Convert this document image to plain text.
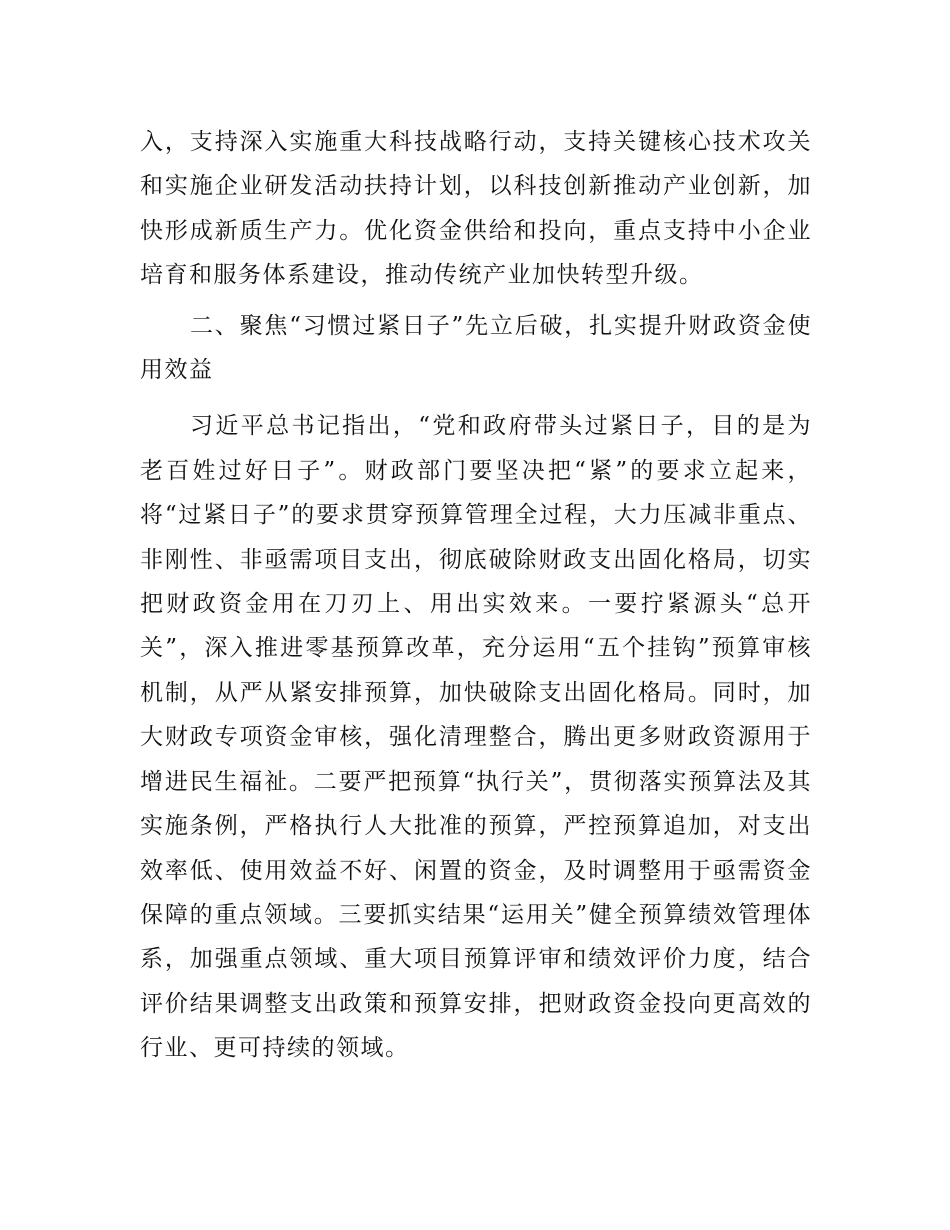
入，支持深入实施重大科技战略行动，支持关键核心技术攻关和实施企业研发活动扶持计划，以科技创新推动产业创新，加快形成新质生产力。优化资金供给和投向，重点支持中小企业培育和服务体系建设，推动传统产业加快转型升级。

二、聚焦“习惯过紧日子”先立后破，扎实提升财政资金使用效益

习近平总书记指出，“党和政府带头过紧日子，目的是为老百姓过好日子”。财政部门要坚决把“紧”的要求立起来，将“过紧日子”的要求贯穿预算管理全过程，大力压减非重点、非刚性、非亟需项目支出，彻底破除财政支出固化格局，切实把财政资金用在刀刃上、用出实效来。一要拧紧源头“总开关”，深入推进零基预算改革，充分运用“五个挂钩”预算审核机制，从严从紧安排预算，加快破除支出固化格局。同时，加大财政专项资金审核，强化清理整合，腾出更多财政资源用于增进民生福祉。二要严把预算“执行关”，贯彻落实预算法及其实施条例，严格执行人大批准的预算，严控预算追加，对支出效率低、使用效益不好、闲置的资金，及时调整用于亟需资金保障的重点领域。三要抓实结果“运用关”健全预算绩效管理体系，加强重点领域、重大项目预算评审和绩效评价力度，结合评价结果调整支出政策和预算安排，把财政资金投向更高效的行业、更可持续的领域。
